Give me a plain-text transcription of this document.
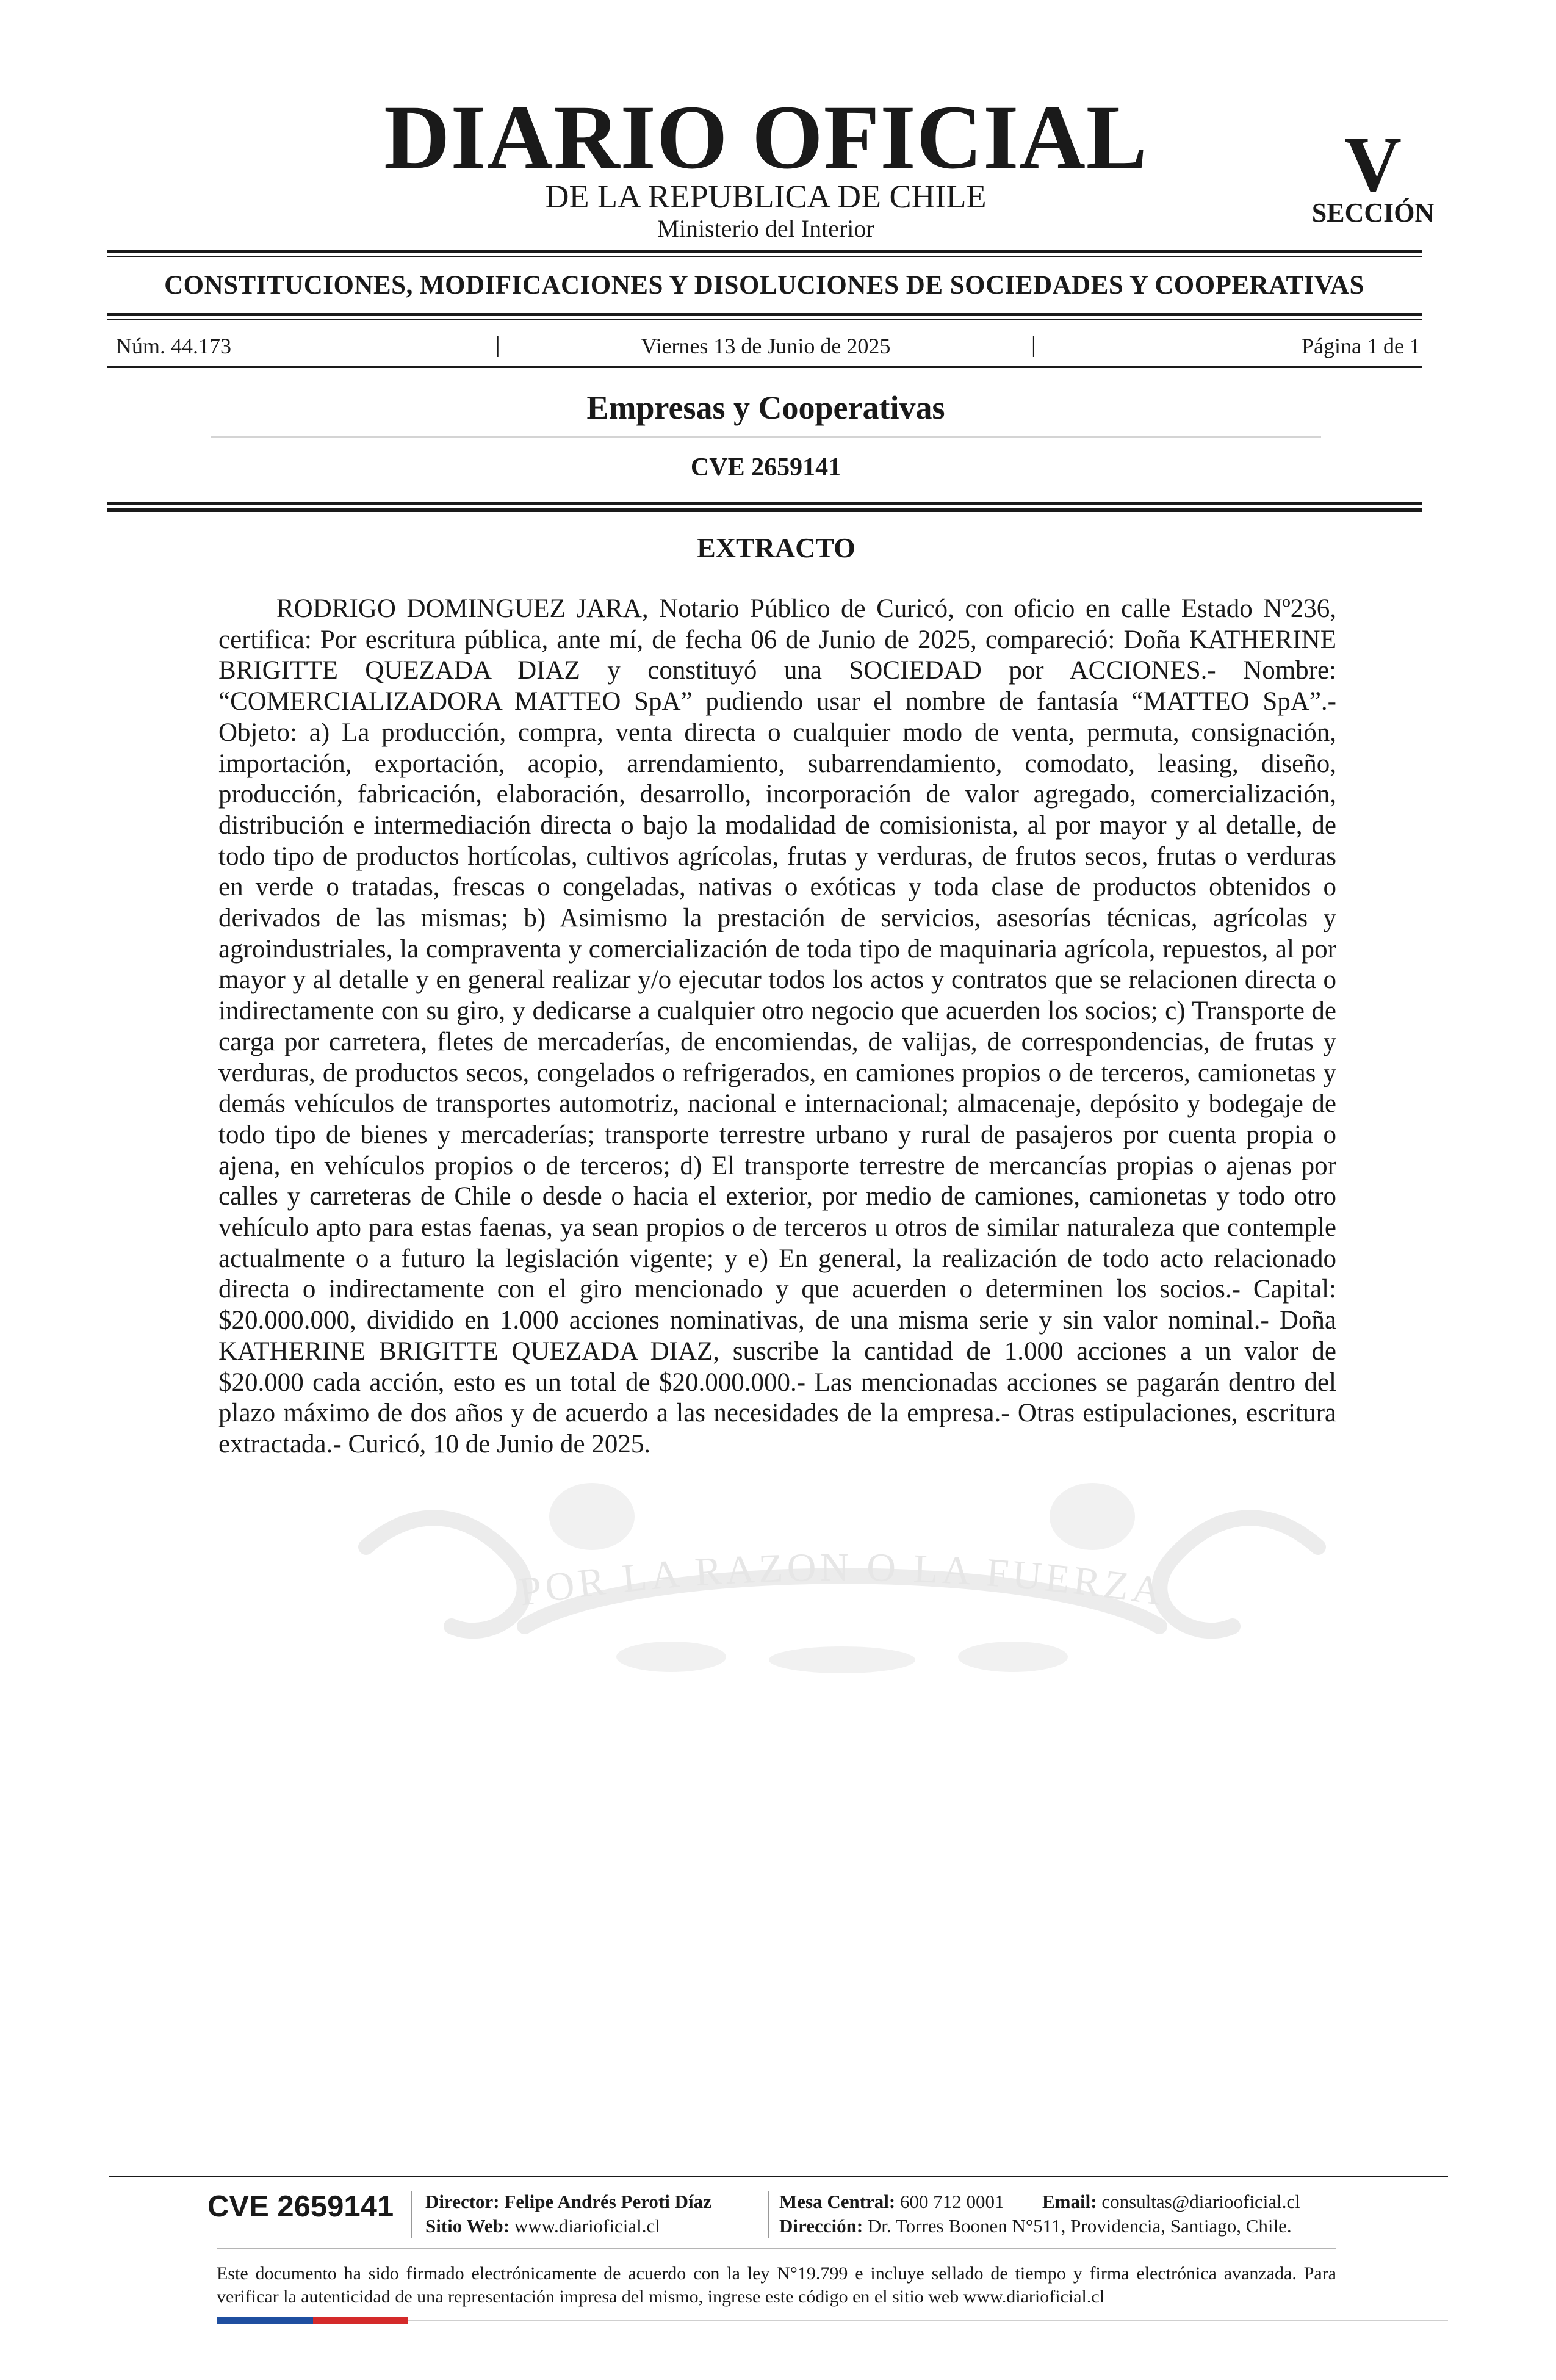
DIARIO OFICIAL
DE LA REPUBLICA DE CHILE
Ministerio del Interior
V
SECCIÓN
CONSTITUCIONES, MODIFICACIONES Y DISOLUCIONES DE SOCIEDADES Y COOPERATIVAS
Núm. 44.173	|	Viernes 13 de Junio de 2025	|	Página 1 de 1
Empresas y Cooperativas
CVE 2659141
EXTRACTO
POR LA RAZON O LA FUERZA

RODRIGO DOMINGUEZ JARA, Notario Público de Curicó, con oficio en calle Estado Nº236, certifica: Por escritura pública, ante mí, de fecha 06 de Junio de 2025, compareció: Doña KATHERINE BRIGITTE QUEZADA DIAZ y constituyó una SOCIEDAD por ACCIONES.- Nombre: “COMERCIALIZADORA MATTEO SpA” pudiendo usar el nombre de fantasía “MATTEO SpA”.- Objeto: a) La producción, compra, venta directa o cualquier modo de venta, permuta, consignación, importación, exportación, acopio, arrendamiento, subarrendamiento, comodato, leasing, diseño, producción, fabricación, elaboración, desarrollo, incorporación de valor agregado, comercialización, distribución e intermediación directa o bajo la modalidad de comisionista, al por mayor y al detalle, de todo tipo de productos hortícolas, cultivos agrícolas, frutas y verduras, de frutos secos, frutas o verduras en verde o tratadas, frescas o congeladas, nativas o exóticas y toda clase de productos obtenidos o derivados de las mismas; b) Asimismo la prestación de servicios, asesorías técnicas, agrícolas y agroindustriales, la compraventa y comercialización de toda tipo de maquinaria agrícola, repuestos, al por mayor y al detalle y en general realizar y/o ejecutar todos los actos y contratos que se relacionen directa o indirectamente con su giro, y dedicarse a cualquier otro negocio que acuerden los socios; c) Transporte de carga por carretera, fletes de mercaderías, de encomiendas, de valijas, de correspondencias, de frutas y verduras, de productos secos, congelados o refrigerados, en camiones propios o de terceros, camionetas y demás vehículos de transportes automotriz, nacional e internacional; almacenaje, depósito y bodegaje de todo tipo de bienes y mercaderías; transporte terrestre urbano y rural de pasajeros por cuenta propia o ajena, en vehículos propios o de terceros; d) El transporte terrestre de mercancías propias o ajenas por calles y carreteras de Chile o desde o hacia el exterior, por medio de camiones, camionetas y todo otro vehículo apto para estas faenas, ya sean propios o de terceros u otros de similar naturaleza que contemple actualmente o a futuro la legislación vigente; y e) En general, la realización de todo acto relacionado directa o indirectamente con el giro mencionado y que acuerden o determinen los socios.- Capital: $20.000.000, dividido en 1.000 acciones nominativas, de una misma serie y sin valor nominal.- Doña KATHERINE BRIGITTE QUEZADA DIAZ, suscribe la cantidad de 1.000 acciones a un valor de $20.000 cada acción, esto es un total de $20.000.000.- Las mencionadas acciones se pagarán dentro del plazo máximo de dos años y de acuerdo a las necesidades de la empresa.- Otras estipulaciones, escritura extractada.- Curicó, 10 de Junio de 2025.

CVE 2659141 Director: Felipe Andrés Peroti Díaz
Sitio Web: www.diarioficial.cl
Mesa Central: 600 712 0001 Email: consultas@diariooficial.cl
Dirección: Dr. Torres Boonen N°511, Providencia, Santiago, Chile.
Este documento ha sido firmado electrónicamente de acuerdo con la ley N°19.799 e incluye sellado de tiempo y firma electrónica avanzada. Para verificar la autenticidad de una representación impresa del mismo, ingrese este código en el sitio web www.diarioficial.cl
